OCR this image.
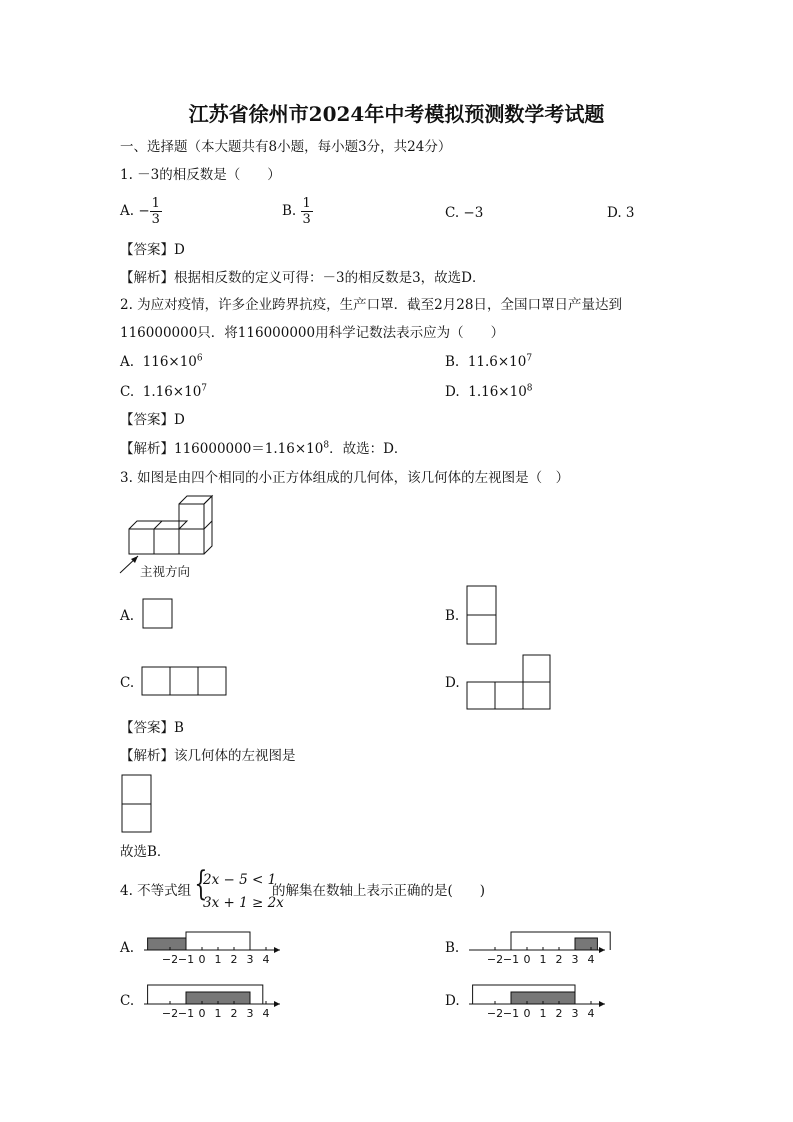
江苏省徐州市2024年中考模拟预测数学考试题
一、选择题（本大题共有8小题，每小题3分，共24分）
1. －3的相反数是（　　）
A. − $\frac{1}{3}$	B. $\frac{1}{3}$	C. −3	D. 3
【答案】D
【解析】根据相反数的定义可得：－3的相反数是3，故选D．
2. 为应对疫情，许多企业跨界抗疫，生产口罩．截至2月28日，全国口罩日产量达到
116000000只．将116000000用科学记数法表示应为（　　）
A. $116\times 10^6$	B. $11.6\times 10^7$
C. $1.16\times 10^7$	D. $1.16\times 10^8$
【答案】D
【解析】$116000000=1.16\times 10^8$．故选：D．
3. 如图是由四个相同的小正方体组成的几何体，该几何体的左视图是（　）
主视方向
A.	B.
C.	D.
【答案】B
【解析】该几何体的左视图是
故选B．
4. 不等式组 {
2x − 5 < 1
3x + 1 ≥ 2x
的解集在数轴上表示正确的是(　　)
A.	B.
C.	D.
−2 −1 0 1 2 3 4	−2 −1 0 1 2 3 4
−2 −1 0 1 2 3 4	−2 −1 0 1 2 3 4
